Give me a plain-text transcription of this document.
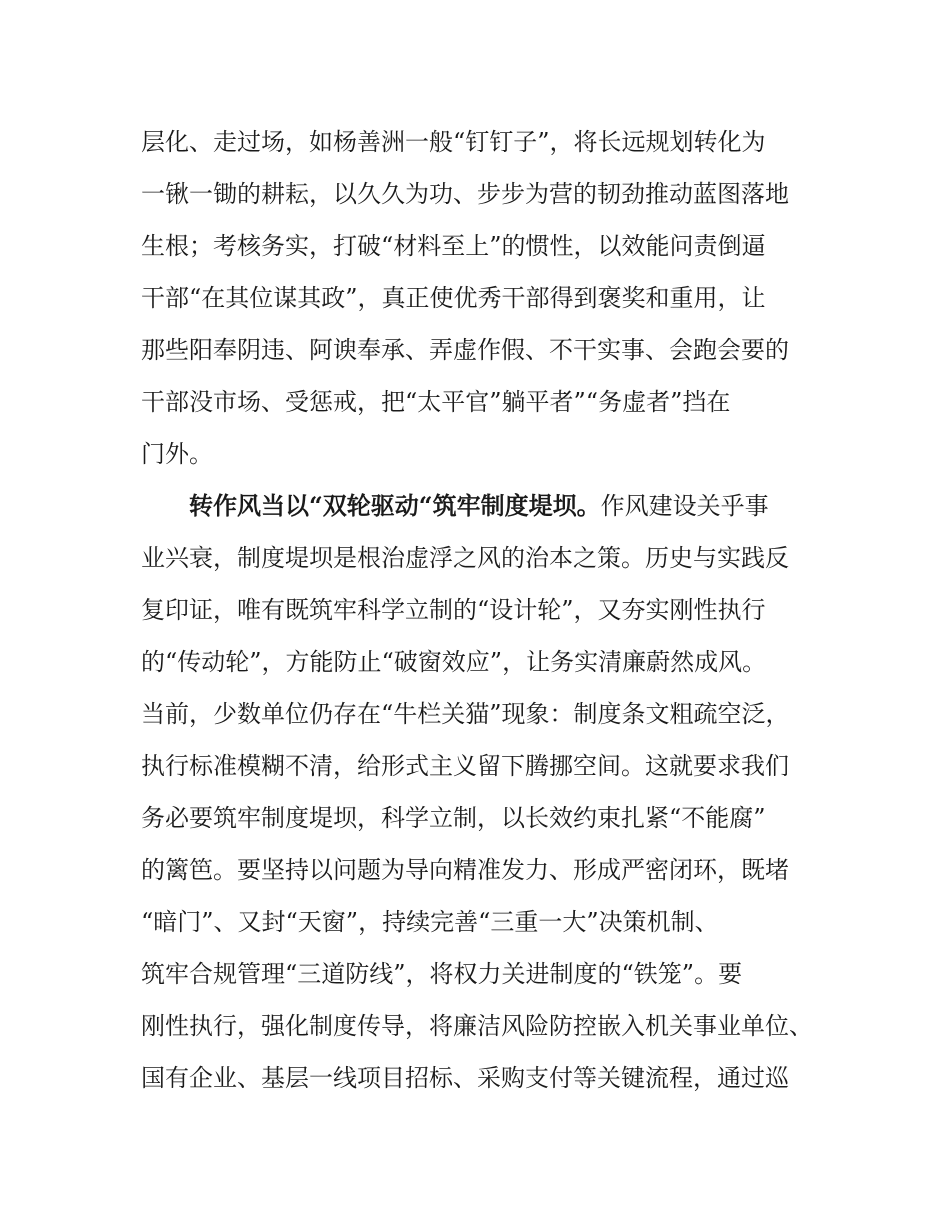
层化、走过场，如杨善洲一般“钉钉子”，将长远规划转化为
一锹一锄的耕耘，以久久为功、步步为营的韧劲推动蓝图落地
生根；考核务实，打破“材料至上”的惯性，以效能问责倒逼
干部“在其位谋其政”，真正使优秀干部得到褒奖和重用，让
那些阳奉阴违、阿谀奉承、弄虚作假、不干实事、会跑会要的
干部没市场、受惩戒，把“太平官”躺平者”“务虚者”挡在
门外。
转作风当以“双轮驱动“筑牢制度堤坝。作风建设关乎事
业兴衰，制度堤坝是根治虚浮之风的治本之策。历史与实践反
复印证，唯有既筑牢科学立制的“设计轮”，又夯实刚性执行
的“传动轮”，方能防止“破窗效应”，让务实清廉蔚然成风。
当前，少数单位仍存在“牛栏关猫”现象：制度条文粗疏空泛，
执行标准模糊不清，给形式主义留下腾挪空间。这就要求我们
务必要筑牢制度堤坝，科学立制，以长效约束扎紧“不能腐”
的篱笆。要坚持以问题为导向精准发力、形成严密闭环，既堵
“暗门”、又封“天窗”，持续完善“三重一大”决策机制、
筑牢合规管理“三道防线”，将权力关进制度的“铁笼”。要
刚性执行，强化制度传导，将廉洁风险防控嵌入机关事业单位、
国有企业、基层一线项目招标、采购支付等关键流程，通过巡
